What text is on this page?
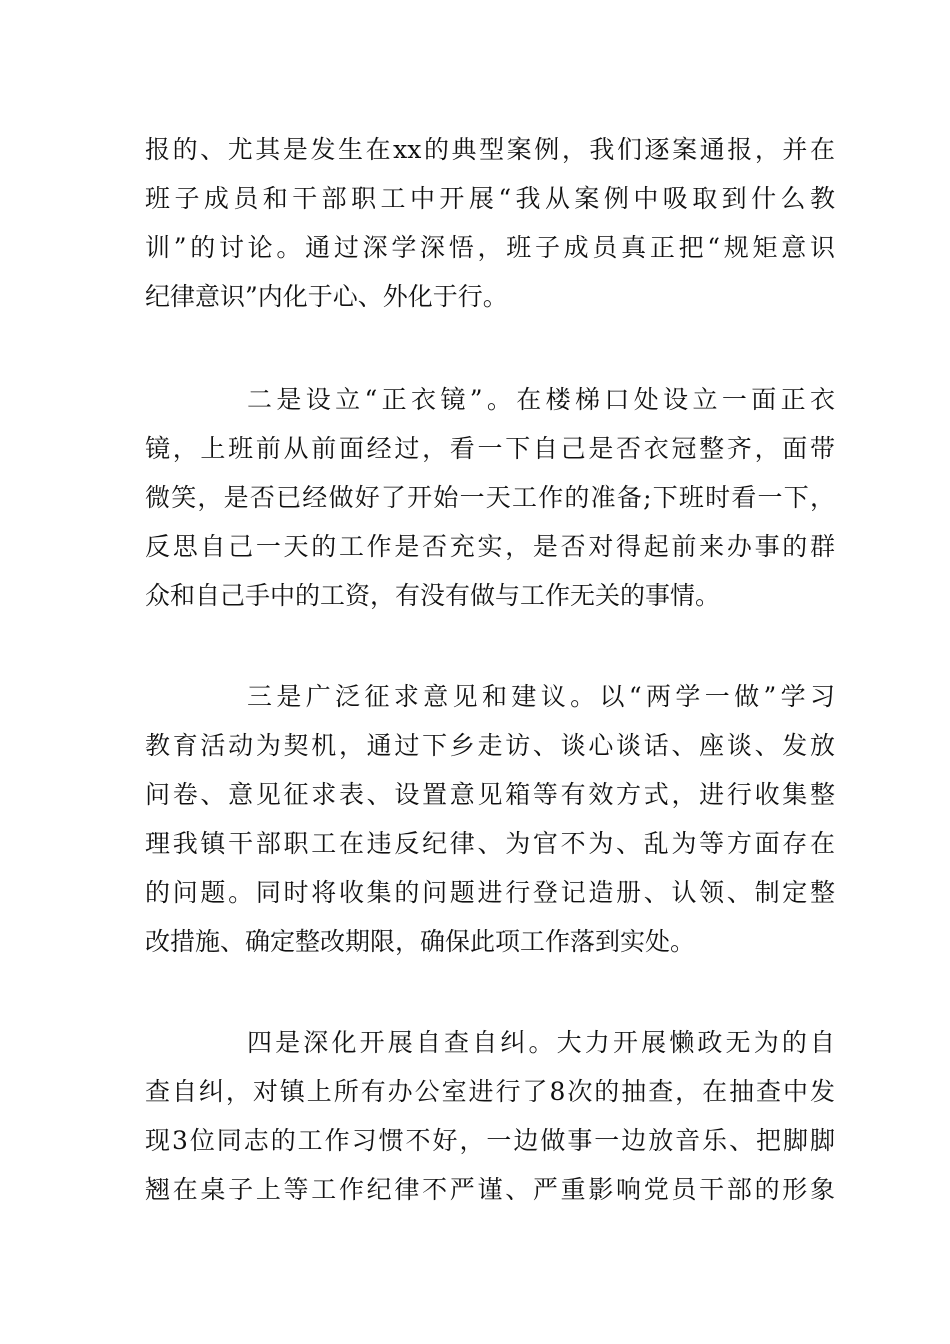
报的、尤其是发生在xx的典型案例，我们逐案通报，并在
班子成员和干部职工中开展“我从案例中吸取到什么教
训”的讨论。通过深学深悟，班子成员真正把“规矩意识
纪律意识”内化于心、外化于行。
二是设立“正衣镜”。在楼梯口处设立一面正衣
镜，上班前从前面经过，看一下自己是否衣冠整齐，面带
微笑，是否已经做好了开始一天工作的准备;下班时看一下，
反思自己一天的工作是否充实，是否对得起前来办事的群
众和自己手中的工资，有没有做与工作无关的事情。
三是广泛征求意见和建议。以“两学一做”学习
教育活动为契机，通过下乡走访、谈心谈话、座谈、发放
问卷、意见征求表、设置意见箱等有效方式，进行收集整
理我镇干部职工在违反纪律、为官不为、乱为等方面存在
的问题。同时将收集的问题进行登记造册、认领、制定整
改措施、确定整改期限，确保此项工作落到实处。
四是深化开展自查自纠。大力开展懒政无为的自
查自纠，对镇上所有办公室进行了8次的抽查，在抽查中发
现3位同志的工作习惯不好，一边做事一边放音乐、把脚脚
翘在桌子上等工作纪律不严谨、严重影响党员干部的形象
